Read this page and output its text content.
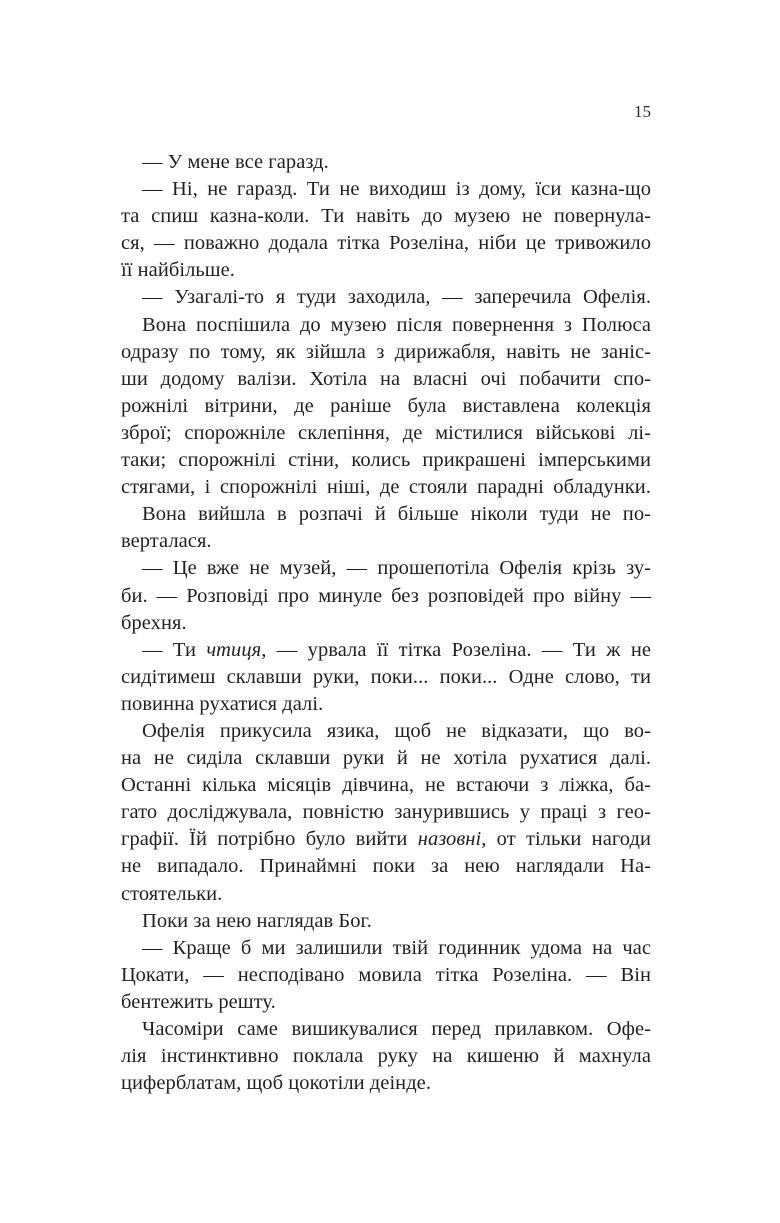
15
— У мене все гаразд.
— Ні, не гаразд. Ти не виходиш із дому, їси казна-що
та спиш казна-коли. Ти навіть до музею не повернула-
ся, — поважно додала тітка Розеліна, ніби це тривожило
її найбільше.
— Узагалі-то я туди заходила, — заперечила Офелія.
Вона поспішила до музею після повернення з Полюса
одразу по тому, як зійшла з дирижабля, навіть не заніс-
ши додому валізи. Хотіла на власні очі побачити спо-
рожнілі вітрини, де раніше була виставлена колекція
зброї; спорожніле склепіння, де містилися військові лі-
таки; спорожнілі стіни, колись прикрашені імперськими
стягами, і спорожнілі ніші, де стояли парадні обладунки.
Вона вийшла в розпачі й більше ніколи туди не по-
верталася.
— Це вже не музей, — прошепотіла Офелія крізь зу-
би. — Розповіді про минуле без розповідей про війну —
брехня.
— Ти чтиця, — урвала її тітка Розеліна. — Ти ж не
сидітимеш склавши руки, поки... поки... Одне слово, ти
повинна рухатися далі.
Офелія прикусила язика, щоб не відказати, що во-
на не сиділа склавши руки й не хотіла рухатися далі.
Останні кілька місяців дівчина, не встаючи з ліжка, ба-
гато досліджувала, повністю занурившись у праці з гео-
графії. Їй потрібно було вийти назовні, от тільки нагоди
не випадало. Принаймні поки за нею наглядали На-
стоятельки.
Поки за нею наглядав Бог.
— Краще б ми залишили твій годинник удома на час
Цокати, — несподівано мовила тітка Розеліна. — Він
бентежить решту.
Часоміри саме вишикувалися перед прилавком. Офе-
лія інстинктивно поклала руку на кишеню й махнула
циферблатам, щоб цокотіли деінде.
